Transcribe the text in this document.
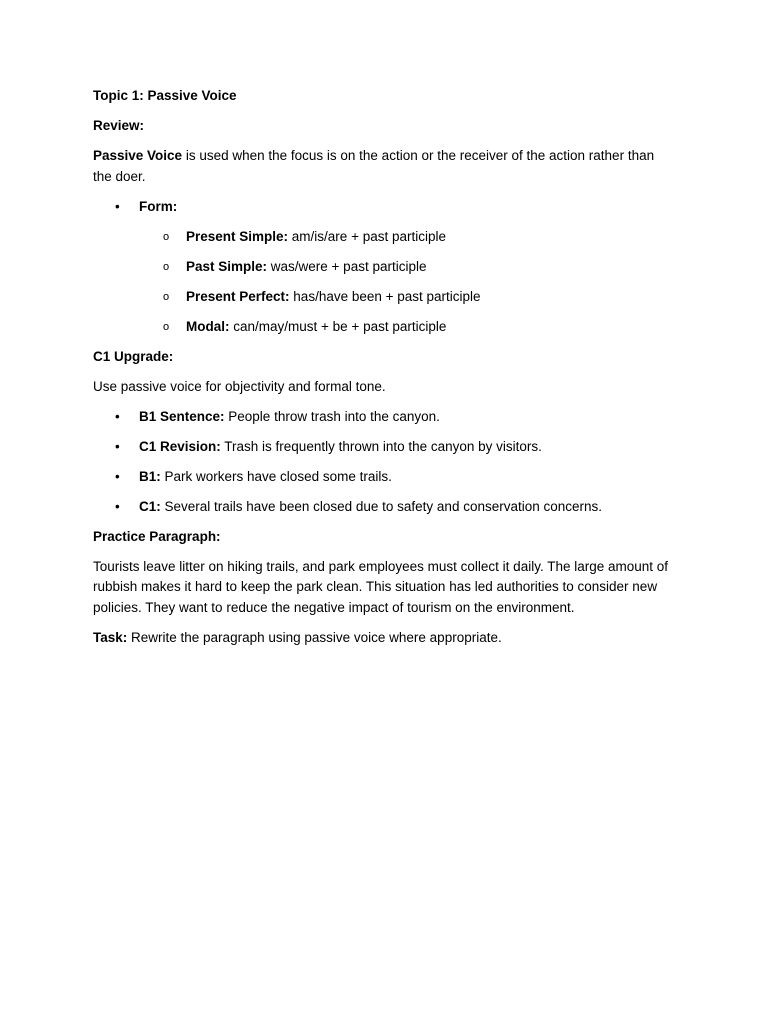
Topic 1: Passive Voice

Review:

Passive Voice is used when the focus is on the action or the receiver of the action rather than the doer.

• Form:
o Present Simple: am/is/are + past participle
o Past Simple: was/were + past participle
o Present Perfect: has/have been + past participle
o Modal: can/may/must + be + past participle

C1 Upgrade:

Use passive voice for objectivity and formal tone.

• B1 Sentence: People throw trash into the canyon.
• C1 Revision: Trash is frequently thrown into the canyon by visitors.
• B1: Park workers have closed some trails.
• C1: Several trails have been closed due to safety and conservation concerns.

Practice Paragraph:

Tourists leave litter on hiking trails, and park employees must collect it daily. The large amount of rubbish makes it hard to keep the park clean. This situation has led authorities to consider new policies. They want to reduce the negative impact of tourism on the environment.

Task: Rewrite the paragraph using passive voice where appropriate.
